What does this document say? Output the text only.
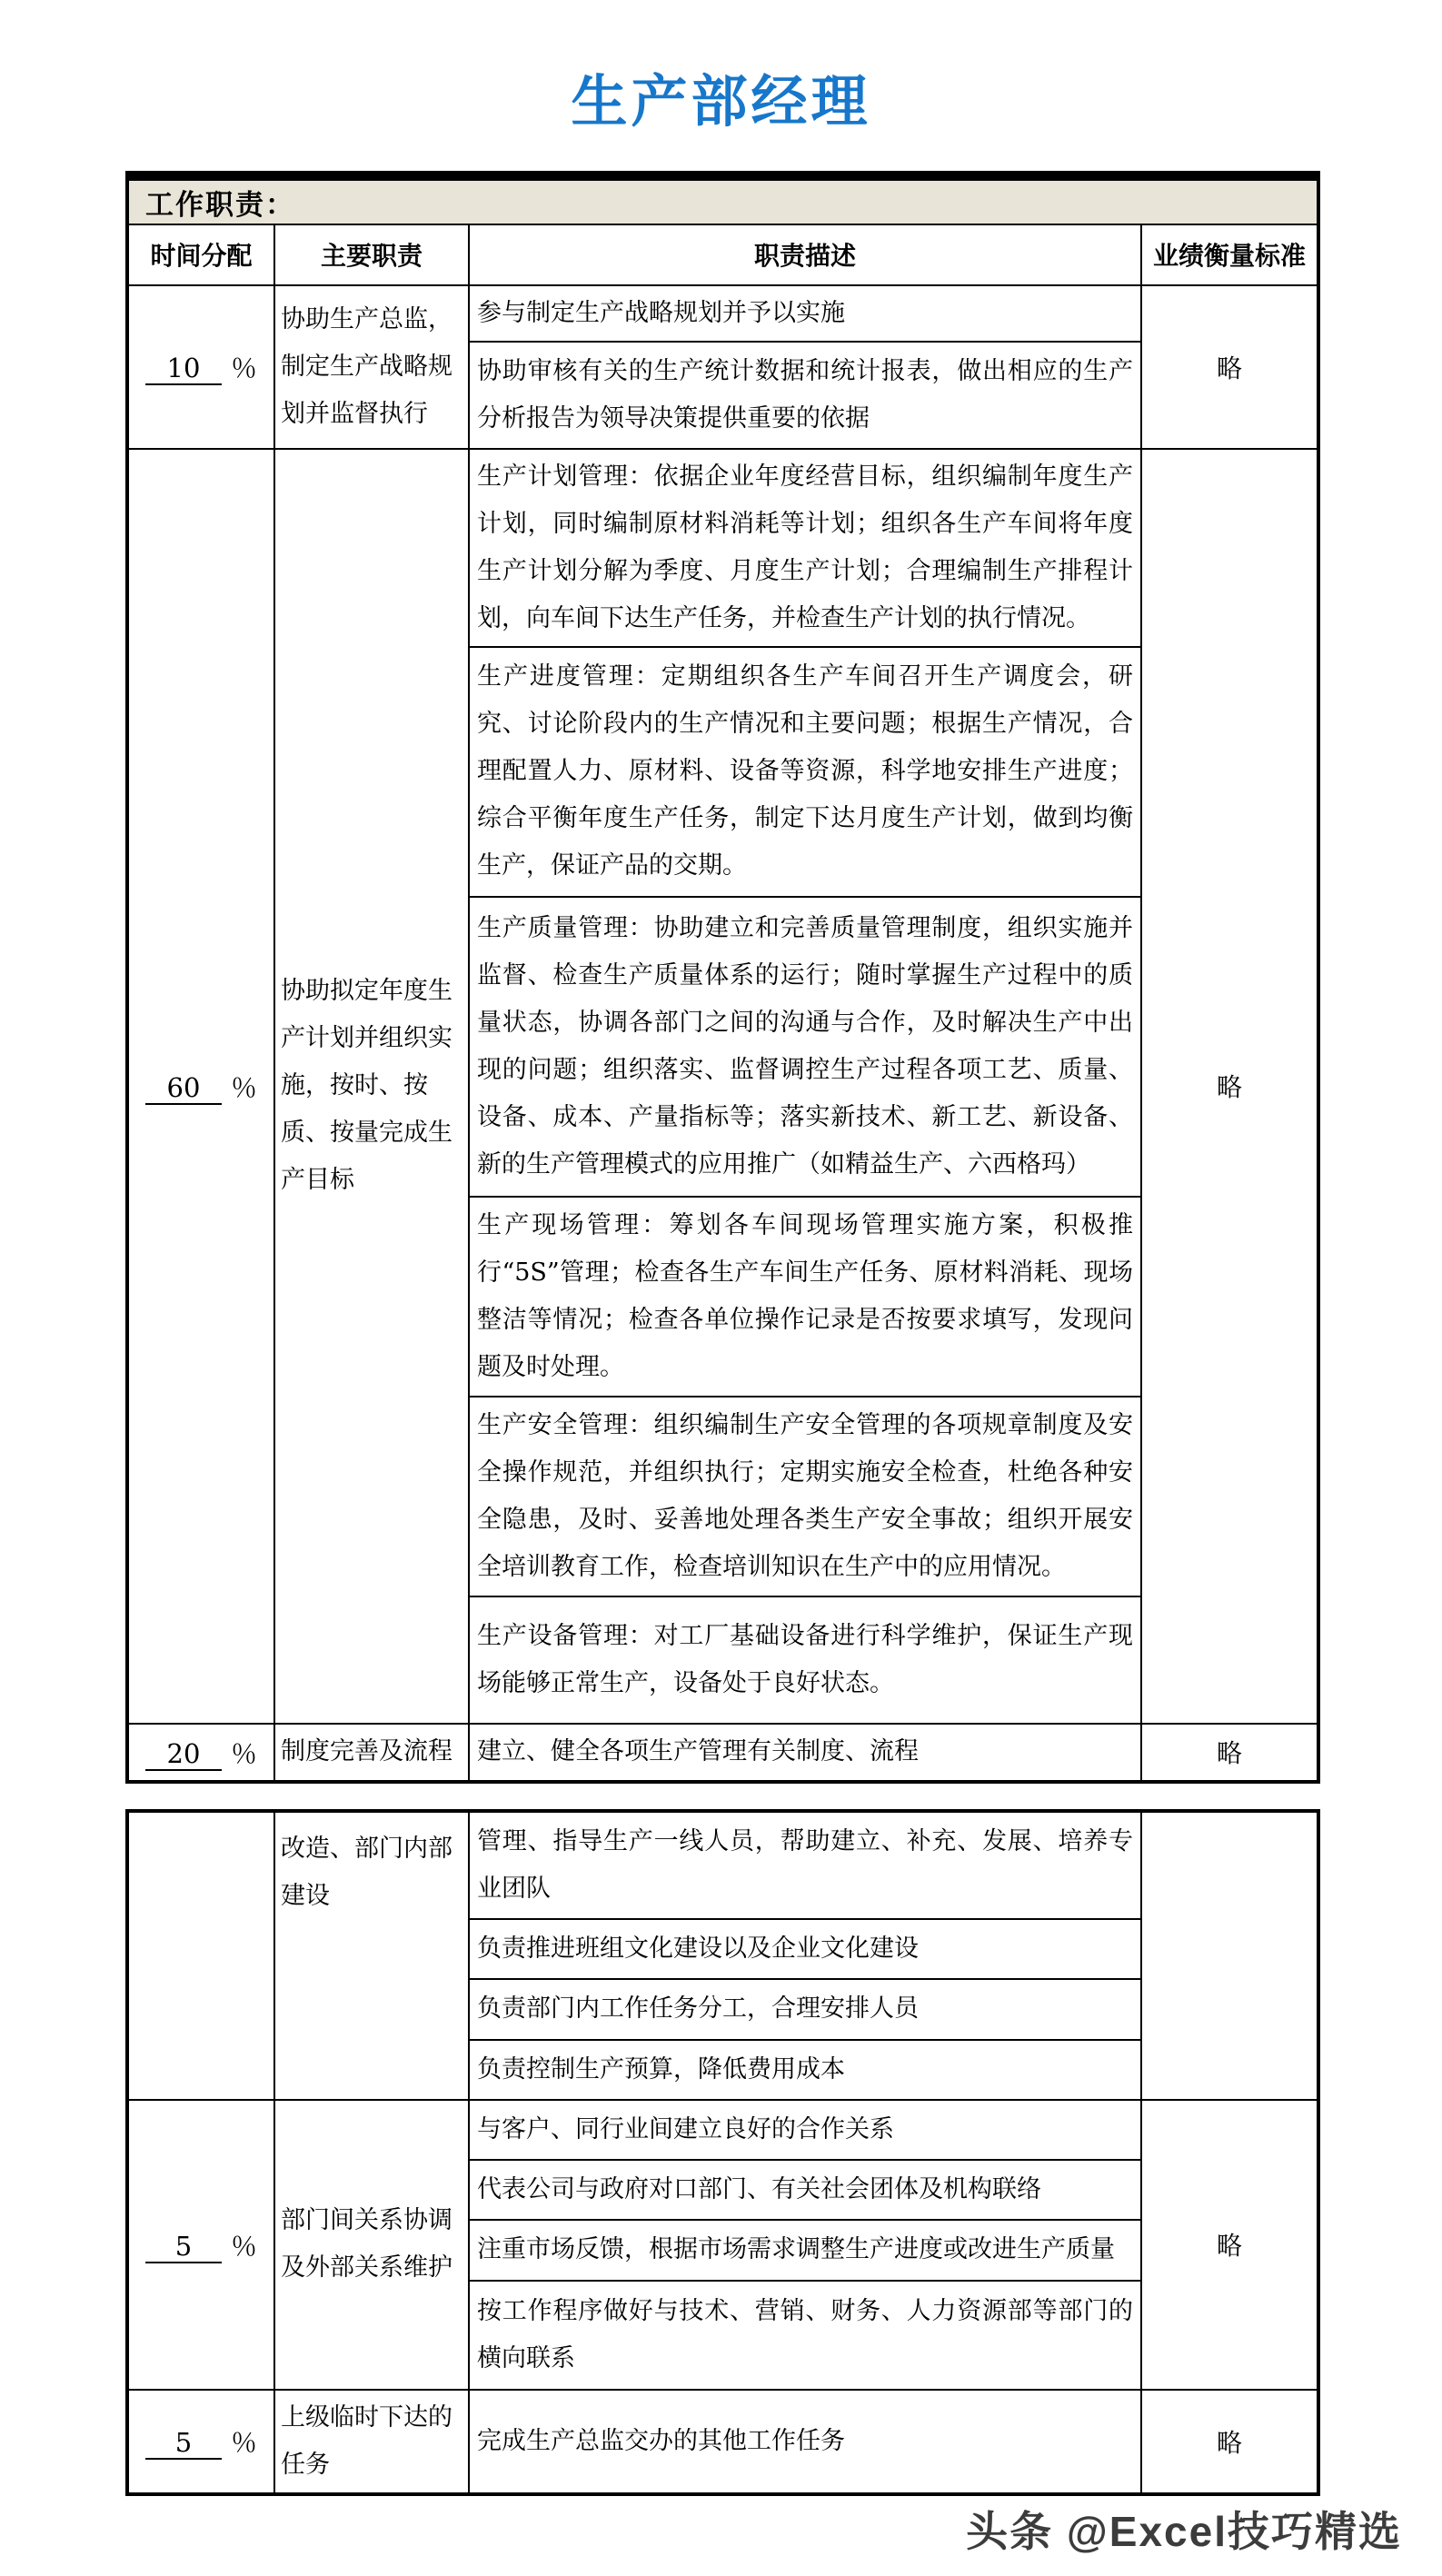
生产部经理
工作职责：			
时间分配	主要职责	职责描述	业绩衡量标准
10 ％	协助生产总监，制定生产战略规划并监督执行	参与制定生产战略规划并予以实施	略
		协助审核有关的生产统计数据和统计报表，做出相应的生产分析报告为领导决策提供重要的依据	
60 ％	协助拟定年度生产计划并组织实施，按时、按质、按量完成生产目标	生产计划管理：依据企业年度经营目标，组织编制年度生产计划，同时编制原材料消耗等计划；组织各生产车间将年度生产计划分解为季度、月度生产计划；合理编制生产排程计划，向车间下达生产任务，并检查生产计划的执行情况。	略
		生产进度管理：定期组织各生产车间召开生产调度会，研究、讨论阶段内的生产情况和主要问题；根据生产情况，合理配置人力、原材料、设备等资源，科学地安排生产进度；综合平衡年度生产任务，制定下达月度生产计划，做到均衡生产，保证产品的交期。	
		生产质量管理：协助建立和完善质量管理制度，组织实施并监督、检查生产质量体系的运行；随时掌握生产过程中的质量状态，协调各部门之间的沟通与合作，及时解决生产中出现的问题；组织落实、监督调控生产过程各项工艺、质量、设备、成本、产量指标等；落实新技术、新工艺、新设备、新的生产管理模式的应用推广（如精益生产、六西格玛）	
		生产现场管理：筹划各车间现场管理实施方案，积极推行“5S”管理；检查各生产车间生产任务、原材料消耗、现场整洁等情况；检查各单位操作记录是否按要求填写，发现问题及时处理。	
		生产安全管理：组织编制生产安全管理的各项规章制度及安全操作规范，并组织执行；定期实施安全检查，杜绝各种安全隐患，及时、妥善地处理各类生产安全事故；组织开展安全培训教育工作，检查培训知识在生产中的应用情况。	
		生产设备管理：对工厂基础设备进行科学维护，保证生产现场能够正常生产，设备处于良好状态。	
20 ％	制度完善及流程	建立、健全各项生产管理有关制度、流程	略
	改造、部门内部建设	管理、指导生产一线人员，帮助建立、补充、发展、培养专业团队	
		负责推进班组文化建设以及企业文化建设	
		负责部门内工作任务分工，合理安排人员	
		负责控制生产预算，降低费用成本	
5 ％	部门间关系协调及外部关系维护	与客户、同行业间建立良好的合作关系	略
		代表公司与政府对口部门、有关社会团体及机构联络	
		注重市场反馈，根据市场需求调整生产进度或改进生产质量	
		按工作程序做好与技术、营销、财务、人力资源部等部门的横向联系	
5 ％	上级临时下达的任务	完成生产总监交办的其他工作任务	略
头条 @Excel技巧精选
